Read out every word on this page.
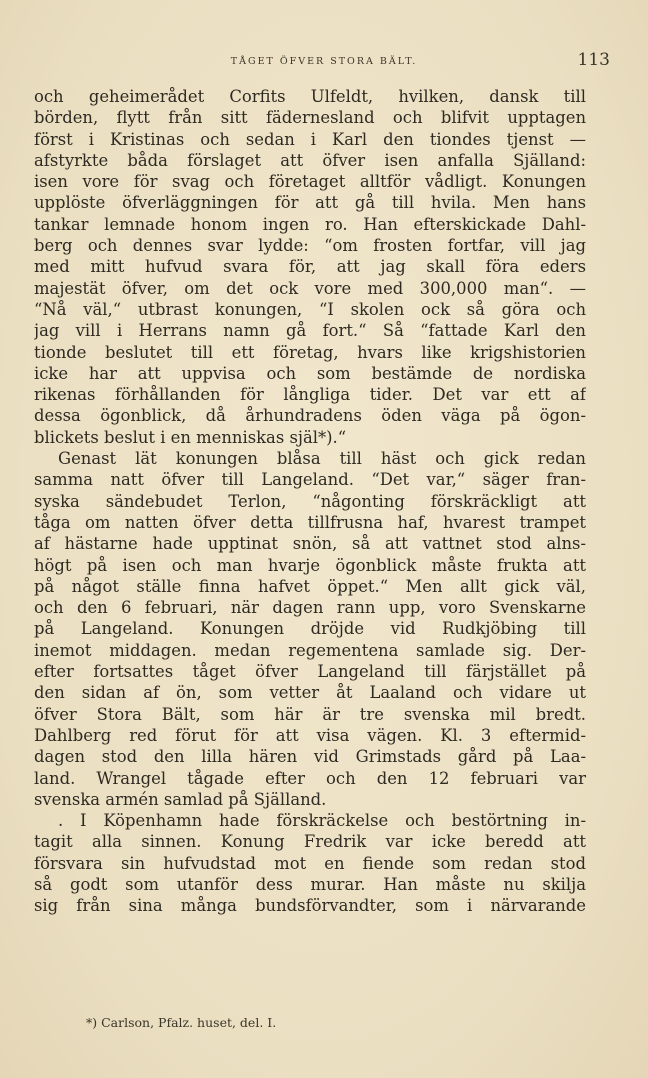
TÅGET ÖFVER STORA BÄLT.	113
och geheimerådet Corfits Ulfeldt, hvilken, dansk till
börden, flytt från sitt fädernesland och blifvit upptagen
först i Kristinas och sedan i Karl den tiondes tjenst —
afstyrkte båda förslaget att öfver isen anfalla Själland:
isen vore för svag och företaget alltför vådligt. Konungen
upplöste öfverläggningen för att gå till hvila. Men hans
tankar lemnade honom ingen ro. Han efterskickade Dahl-
berg och dennes svar lydde: “om frosten fortfar, vill jag
med mitt hufvud svara för, att jag skall föra eders
majestät öfver, om det ock vore med 300,000 man“. —
“Nå väl,“ utbrast konungen, “I skolen ock så göra och
jag vill i Herrans namn gå fort.“ Så “fattade Karl den
tionde beslutet till ett företag, hvars like krigshistorien
icke har att uppvisa och som bestämde de nordiska
rikenas förhållanden för långliga tider. Det var ett af
dessa ögonblick, då århundradens öden väga på ögon-
blickets beslut i en menniskas själ*).“
Genast lät konungen blåsa till häst och gick redan
samma natt öfver till Langeland. “Det var,“ säger fran-
syska sändebudet Terlon, “någonting förskräckligt att
tåga om natten öfver detta tillfrusna haf, hvarest trampet
af hästarne hade upptinat snön, så att vattnet stod alns-
högt på isen och man hvarje ögonblick måste frukta att
på något ställe finna hafvet öppet.“ Men allt gick väl,
och den 6 februari, när dagen rann upp, voro Svenskarne
på Langeland. Konungen dröjde vid Rudkjöbing till
inemot middagen. medan regementena samlade sig. Der-
efter fortsattes tåget öfver Langeland till färjstället på
den sidan af ön, som vetter åt Laaland och vidare ut
öfver Stora Bält, som här är tre svenska mil bredt.
Dahlberg red förut för att visa vägen. Kl. 3 eftermid-
dagen stod den lilla hären vid Grimstads gård på Laa-
land. Wrangel tågade efter och den 12 februari var
svenska armén samlad på Själland.
. I Köpenhamn hade förskräckelse och bestörtning in-
tagit alla sinnen. Konung Fredrik var icke beredd att
försvara sin hufvudstad mot en fiende som redan stod
så godt som utanför dess murar. Han måste nu skilja
sig från sina många bundsförvandter, som i närvarande
*) Carlson, Pfalz. huset, del. I.
